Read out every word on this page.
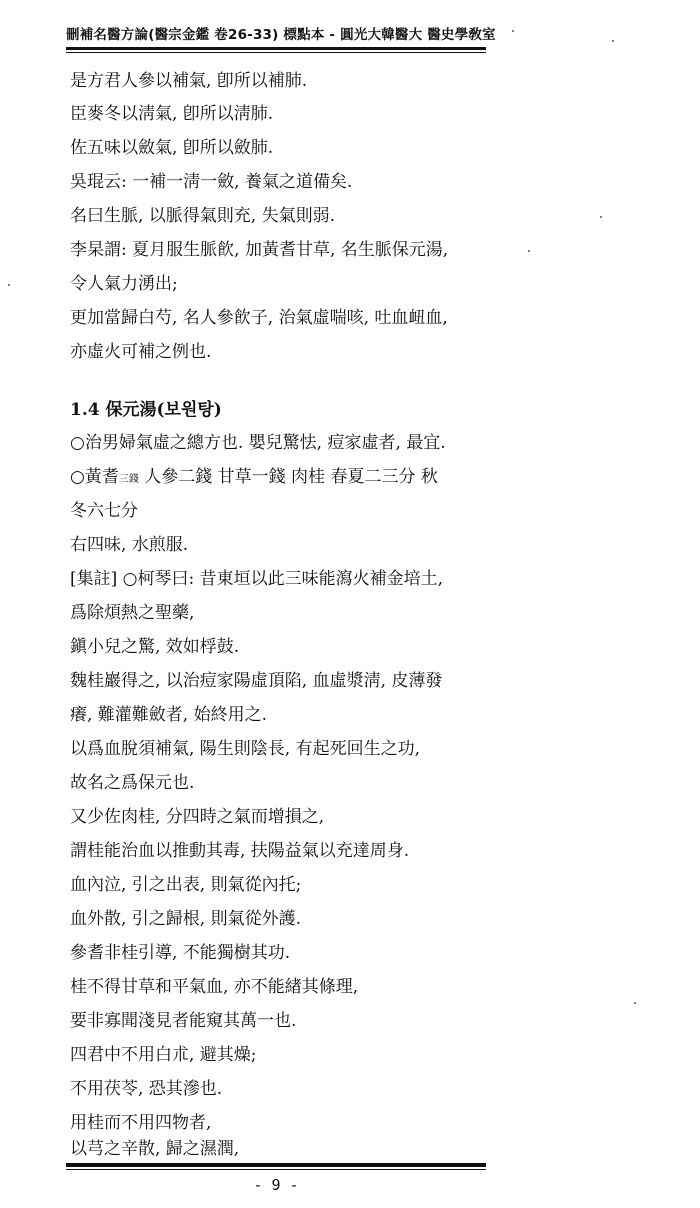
刪補名醫方論(醫宗金鑑 卷26-33) 標點本 - 圓光大韓醫大 醫史學敎室
是方君人參以補氣, 卽所以補肺.
臣麥冬以淸氣, 卽所以淸肺.
佐五味以斂氣, 卽所以斂肺.
吳琨云: 一補一淸一斂, 養氣之道備矣.
名曰生脈, 以脈得氣則充, 失氣則弱.
李杲謂: 夏月服生脈飮, 加黃耆甘草, 名生脈保元湯,
令人氣力湧出;
更加當歸白芍, 名人參飮子, 治氣虛喘咳, 吐血衄血,
亦虛火可補之例也.
1.4 保元湯(보원탕)
○治男婦氣虛之總方也. 嬰兒驚怯, 痘家虛者, 最宜.
○黃耆三錢 人參二錢 甘草一錢 肉桂 春夏二三分 秋
冬六七分
右四味, 水煎服.
[集註] ○柯琴曰: 昔東垣以此三味能瀉火補金培土,
爲除煩熱之聖藥,
鎭小兒之驚, 效如桴鼓.
魏桂巖得之, 以治痘家陽虛頂陷, 血虛漿淸, 皮薄發
癢, 難灌難斂者, 始終用之.
以爲血脫須補氣, 陽生則陰長, 有起死回生之功,
故名之爲保元也.
又少佐肉桂, 分四時之氣而增損之,
謂桂能治血以推動其毒, 扶陽益氣以充達周身.
血內泣, 引之出表, 則氣從內托;
血外散, 引之歸根, 則氣從外護.
參耆非桂引導, 不能獨樹其功.
桂不得甘草和平氣血, 亦不能緖其條理,
要非寡聞淺見者能窺其萬一也.
四君中不用白朮, 避其燥;
不用茯苓, 恐其滲也.
用桂而不用四物者,
以芎之辛散, 歸之濕潤,
- 9 -
